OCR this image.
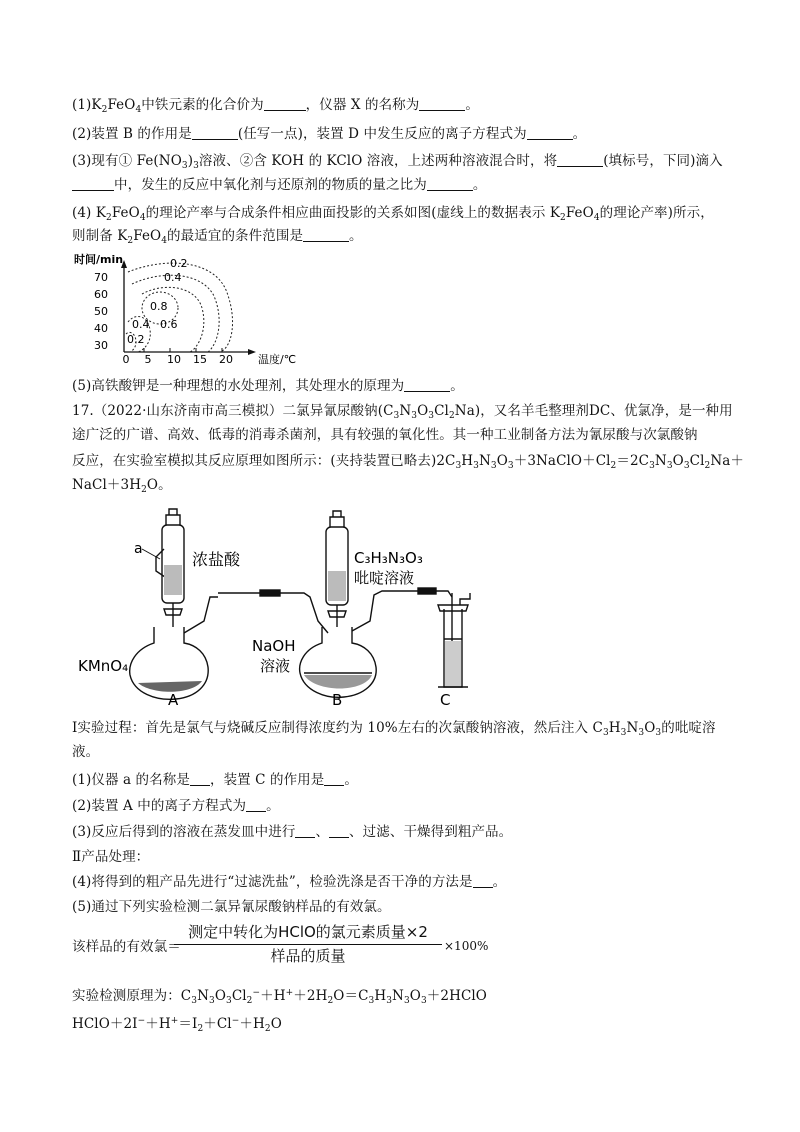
$(1)K_2FeO_4$中铁元素的化合价为	，仪器 X 的名称为	。
(2)装置 B 的作用是	(任写一点)，装置 D 中发生反应的离子方程式为	。
(3)现有① $Fe(NO_3)_3$溶液、②含 KOH 的 KClO 溶液，上述两种溶液混合时，将	(填标号，下同)滴入
中，发生的反应中氧化剂与还原剂的物质的量之比为	。
(4) $K_2FeO_4$的理论产率与合成条件相应曲面投影的关系如图(虚线上的数据表示 $K_2FeO_4$的理论产率)所示，
则制备 $K_2FeO_4$的最适宜的条件范围是	。
时间/min
70
60
50
40
30
0 5 10 15 20 温度/℃
0.2
0.4
0.8
0.4 0.6
0.2
(5)高铁酸钾是一种理想的水处理剂，其处理水的原理为	。
17.（2022·山东济南市高三模拟）二氯异氰尿酸钠$(C_3N_3O_3Cl_2Na)$，又名羊毛整理剂DC、优氯净，是一种用
途广泛的广谱、高效、低毒的消毒杀菌剂，具有较强的氧化性。其一种工业制备方法为氰尿酸与次氯酸钠
反应，在实验室模拟其反应原理如图所示：(夹持装置已略去)$2C_3H_3N_3O_3+3NaClO+Cl_2=2C_3N_3O_3Cl_2Na+$
$NaCl+3H_2O$。
a
浓盐酸	C₃H₃N₃O₃
吡啶溶液
KMnO₄
NaOH
溶液
A	B	C
Ⅰ实验过程：首先是氯气与烧碱反应制得浓度约为 10%左右的次氯酸钠溶液，然后注入 $C_3H_3N_3O_3$的吡啶溶
液。
(1)仪器 a 的名称是 ，装置 C 的作用是 。
(2)装置 A 中的离子方程式为 。
(3)反应后得到的溶液在蒸发皿中进行 、 、过滤、干燥得到粗产品。
Ⅱ产品处理：
(4)将得到的粗产品先进行“过滤洗盐”，检验洗涤是否干净的方法是 。
(5)通过下列实验检测二氯异氰尿酸钠样品的有效氯。
该样品的有效氯＝
测定中转化为HClO的氯元素质量×2
样品的质量
×100%
实验检测原理为：$C_3N_3O_3Cl_2^-+H^++2H_2O=C_3H_3N_3O_3+2HClO$
$HClO+2I^-+H^+=I_2+Cl^-+H_2O$
